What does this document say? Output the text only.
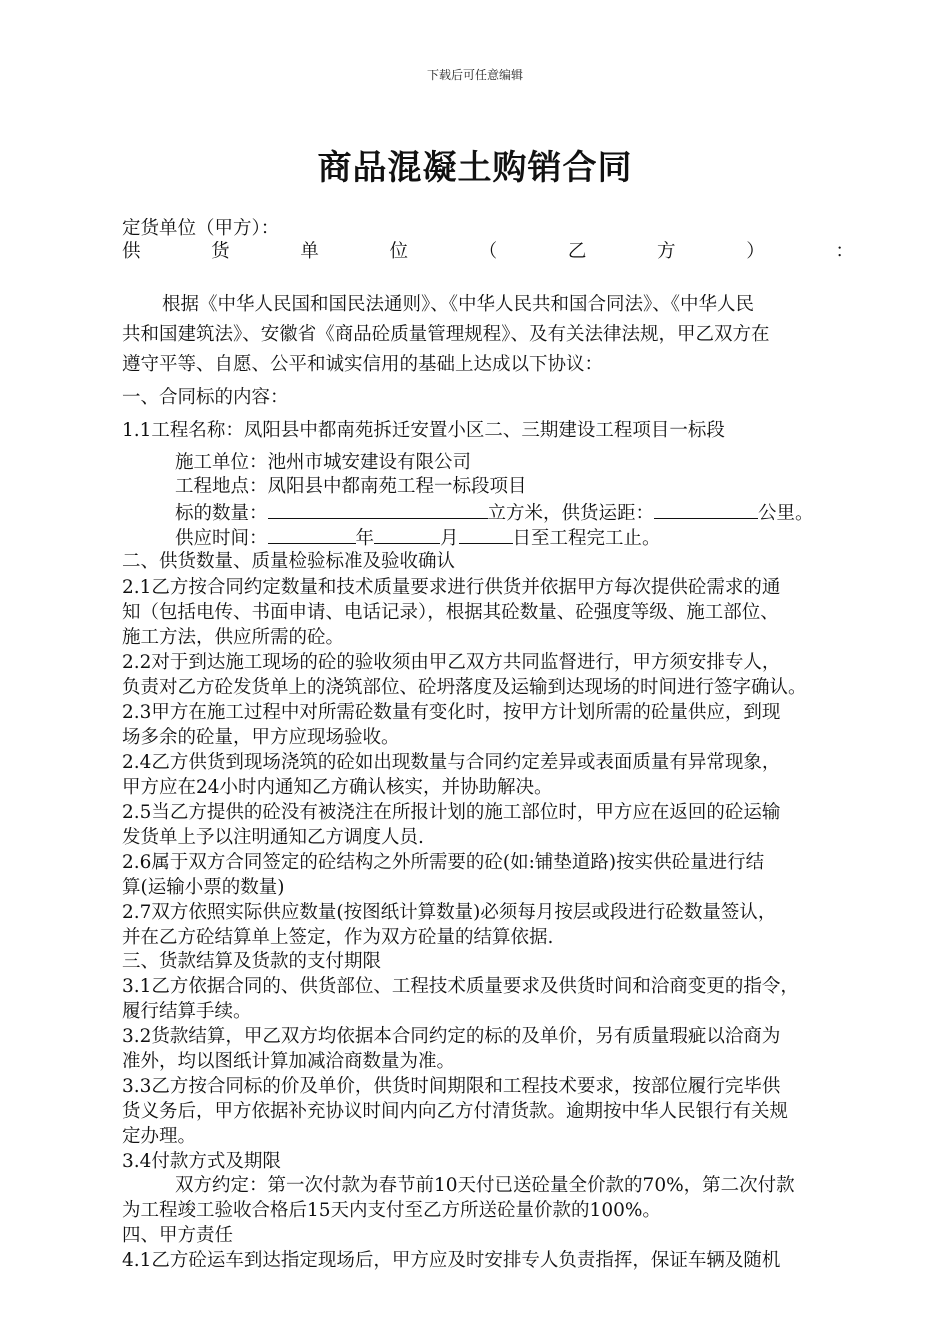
下载后可任意编辑
商品混凝土购销合同
定货单位（甲方）：
供	货	单	位	（	乙	方	）	：
根据《中华人民国和国民法通则》、《中华人民共和国合同法》、《中华人民
共和国建筑法》、安徽省《商品砼质量管理规程》、及有关法律法规，甲乙双方在
遵守平等、自愿、公平和诚实信用的基础上达成以下协议：
一、合同标的内容：
1.1工程名称：凤阳县中都南苑拆迁安置小区二、三期建设工程项目一标段
施工单位：池州市城安建设有限公司
工程地点：凤阳县中都南苑工程一标段项目
标的数量：	立方米，供货运距：	公里。
供应时间：	年	月	日至工程完工止。
二、供货数量、质量检验标准及验收确认
2.1乙方按合同约定数量和技术质量要求进行供货并依据甲方每次提供砼需求的通
知（包括电传、书面申请、电话记录），根据其砼数量、砼强度等级、施工部位、
施工方法，供应所需的砼。
2.2对于到达施工现场的砼的验收须由甲乙双方共同监督进行，甲方须安排专人，
负责对乙方砼发货单上的浇筑部位、砼坍落度及运输到达现场的时间进行签字确认。
2.3甲方在施工过程中对所需砼数量有变化时，按甲方计划所需的砼量供应，到现
场多余的砼量，甲方应现场验收。
2.4乙方供货到现场浇筑的砼如出现数量与合同约定差异或表面质量有异常现象，
甲方应在24小时内通知乙方确认核实，并协助解决。
2.5当乙方提供的砼没有被浇注在所报计划的施工部位时，甲方应在返回的砼运输
发货单上予以注明通知乙方调度人员.
2.6属于双方合同签定的砼结构之外所需要的砼(如:铺垫道路)按实供砼量进行结
算(运输小票的数量)
2.7双方依照实际供应数量(按图纸计算数量)必须每月按层或段进行砼数量签认，
并在乙方砼结算单上签定，作为双方砼量的结算依据.
三、货款结算及货款的支付期限
3.1乙方依据合同的、供货部位、工程技术质量要求及供货时间和洽商变更的指令，
履行结算手续。
3.2货款结算，甲乙双方均依据本合同约定的标的及单价，另有质量瑕疵以洽商为
准外，均以图纸计算加减洽商数量为准。
3.3乙方按合同标的价及单价，供货时间期限和工程技术要求，按部位履行完毕供
货义务后，甲方依据补充协议时间内向乙方付清货款。逾期按中华人民银行有关规
定办理。
3.4付款方式及期限
双方约定：第一次付款为春节前10天付已送砼量全价款的70%，第二次付款
为工程竣工验收合格后15天内支付至乙方所送砼量价款的100%。
四、甲方责任
4.1乙方砼运车到达指定现场后，甲方应及时安排专人负责指挥，保证车辆及随机
